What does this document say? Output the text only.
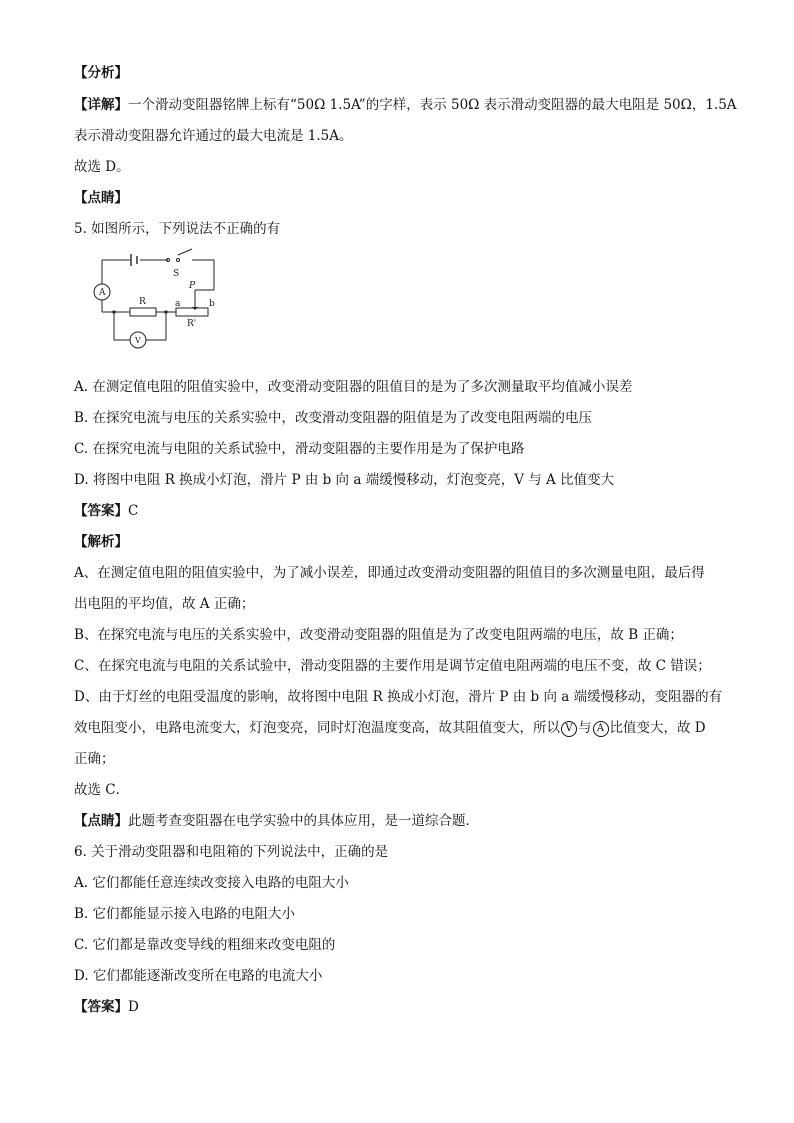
【分析】

【详解】一个滑动变阻器铭牌上标有“50Ω 1.5A”的字样，表示 50Ω 表示滑动变阻器的最大电阻是 50Ω，1.5A

表示滑动变阻器允许通过的最大电流是 1.5A。

故选 D。

【点睛】

5. 如图所示，下列说法不正确的有

S
A
R	a
P
b
R'
V

A. 在测定值电阻的阻值实验中，改变滑动变阻器的阻值目的是为了多次测量取平均值减小误差

B. 在探究电流与电压的关系实验中，改变滑动变阻器的阻值是为了改变电阻两端的电压

C. 在探究电流与电阻的关系试验中，滑动变阻器的主要作用是为了保护电路

D. 将图中电阻 R 换成小灯泡，滑片 P 由 b 向 a 端缓慢移动，灯泡变亮，V 与 A 比值变大

【答案】C

【解析】

A、在测定值电阻的阻值实验中，为了减小误差，即通过改变滑动变阻器的阻值目的多次测量电阻，最后得

出电阻的平均值，故 A 正确；

B、在探究电流与电压的关系实验中，改变滑动变阻器的阻值是为了改变电阻两端的电压，故 B 正确；

C、在探究电流与电阻的关系试验中，滑动变阻器的主要作用是调节定值电阻两端的电压不变，故 C 错误；

D、由于灯丝的电阻受温度的影响，故将图中电阻 R 换成小灯泡，滑片 P 由 b 向 a 端缓慢移动，变阻器的有

效电阻变小，电路电流变大，灯泡变亮，同时灯泡温度变高，故其阻值变大，所以 V 与 A 比值变大，故 D

正确；

故选 C．

【点睛】此题考查变阻器在电学实验中的具体应用，是一道综合题．

6. 关于滑动变阻器和电阻箱的下列说法中，正确的是

A. 它们都能任意连续改变接入电路的电阻大小

B. 它们都能显示接入电路的电阻大小

C. 它们都是靠改变导线的粗细来改变电阻的

D. 它们都能逐渐改变所在电路的电流大小

【答案】D
